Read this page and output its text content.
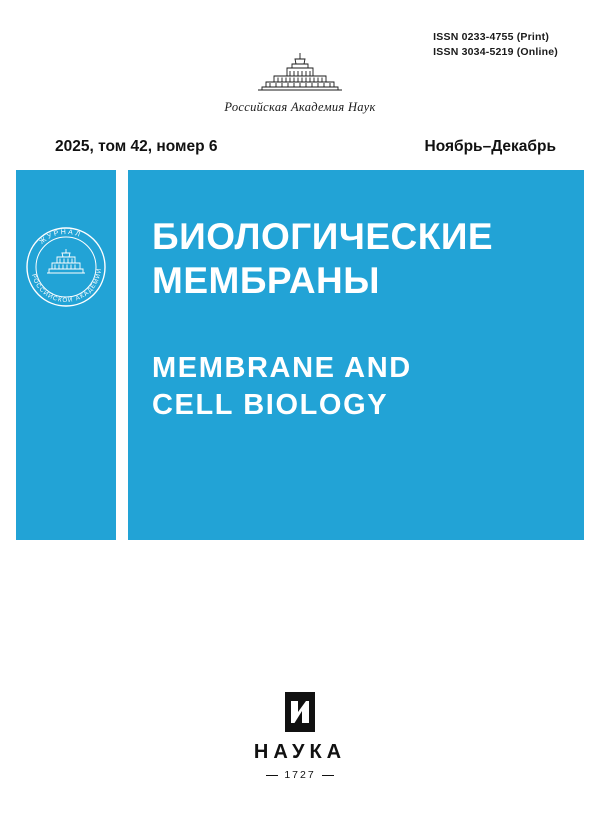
ISSN 0233-4755 (Print)
ISSN 3034-5219 (Online)
Российская Академия Наук
2025, том 42, номер 6	Ноябрь–Декабрь
ЖУРНАЛ
РОССИЙСКОЙ АКАДЕМИИ
БИОЛОГИЧЕСКИЕ
МЕМБРАНЫ
MEMBRANE AND
CELL BIOLOGY
НАУКА
1727
